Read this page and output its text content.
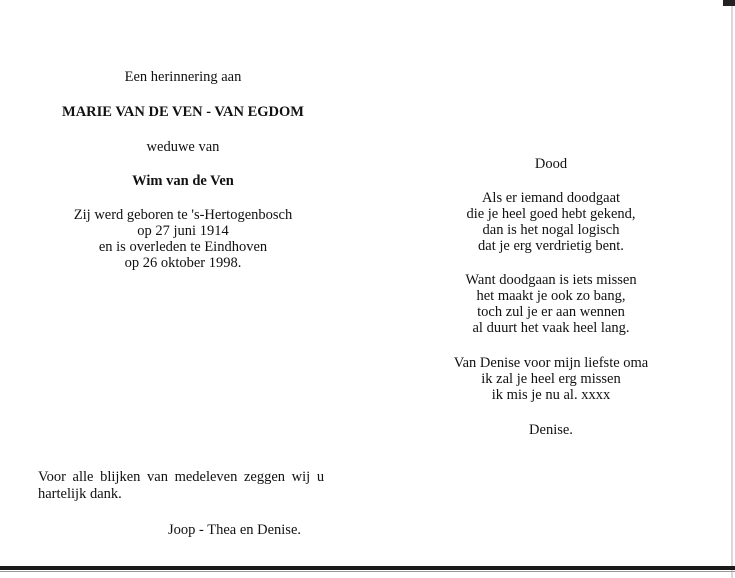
Een herinnering aan
MARIE VAN DE VEN - VAN EGDOM
weduwe van
Wim van de Ven
Zij werd geboren te 's-Hertogenbosch
op 27 juni 1914
en is overleden te Eindhoven
op 26 oktober 1998.
Voor alle blijken van medeleven zeggen wij u
hartelijk dank.
Joop - Thea en Denise.
Dood
Als er iemand doodgaat
die je heel goed hebt gekend,
dan is het nogal logisch
dat je erg verdrietig bent.
Want doodgaan is iets missen
het maakt je ook zo bang,
toch zul je er aan wennen
al duurt het vaak heel lang.
Van Denise voor mijn liefste oma
ik zal je heel erg missen
ik mis je nu al. xxxx
Denise.
